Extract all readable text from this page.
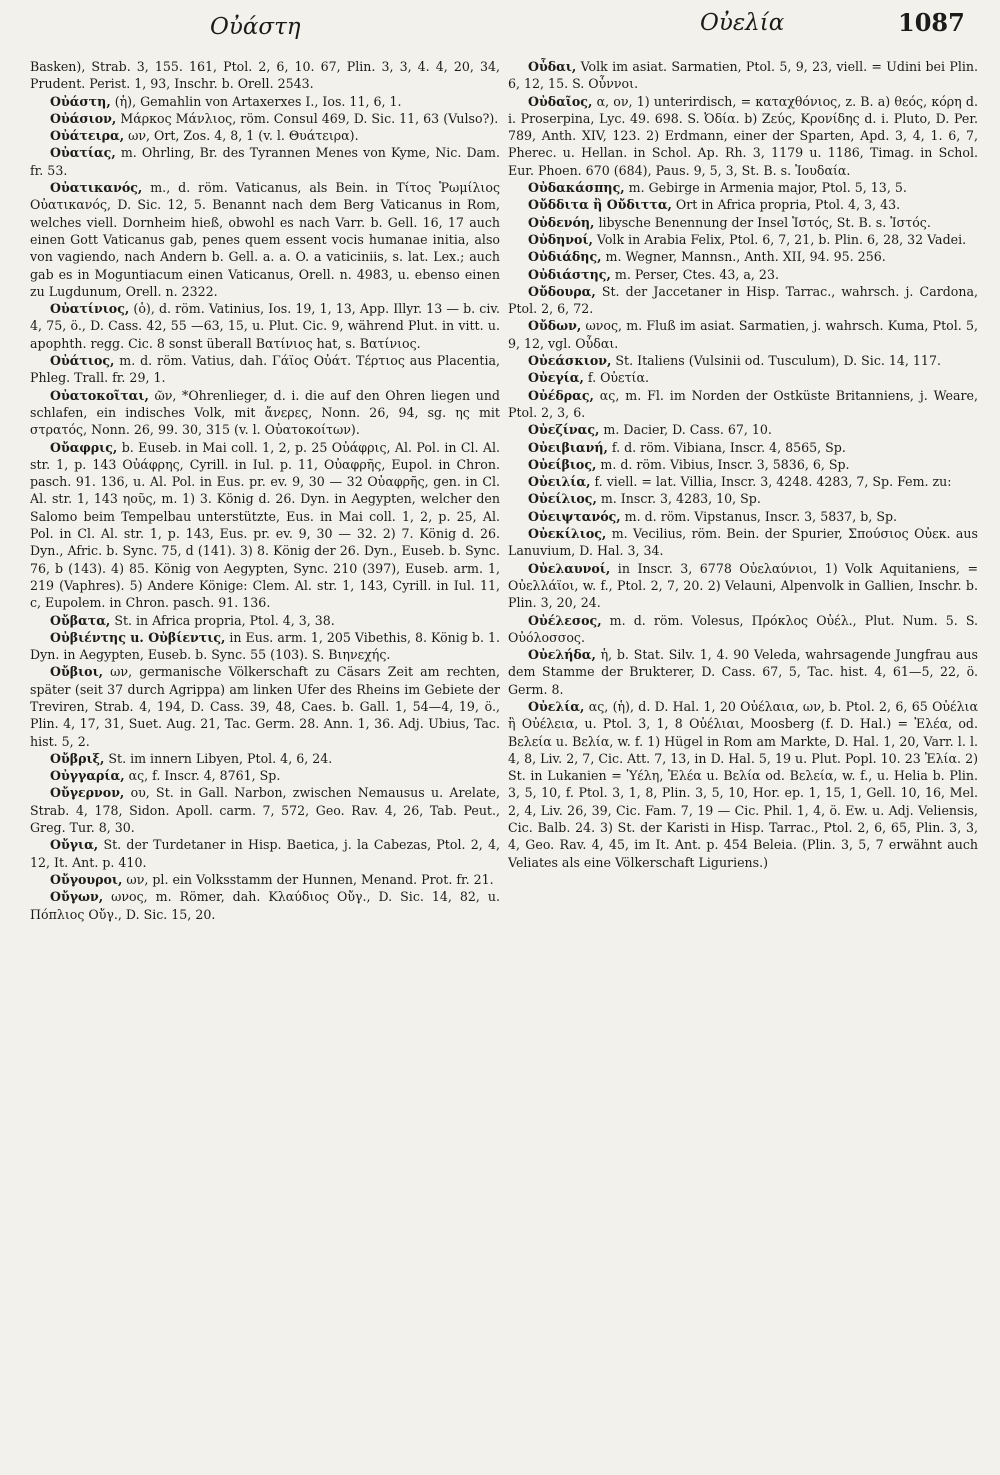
Οὐάστη	Οὐελία	1087

Basken), Strab. 3, 155. 161, Ptol. 2, 6, 10. 67, Plin. 3, 3, 4. 4, 20, 34, Prudent. Perist. 1, 93, Inschr. b. Orell. 2543.

Οὐάστη, (ἡ), Gemahlin von Artaxerxes I., Ios. 11, 6, 1.

Οὐάσιον, Μάρκος Μάνλιος, röm. Consul 469, D. Sic. 11, 63 (Vulso?).

Οὐάτειρα, ων, Ort, Zos. 4, 8, 1 (v. l. Θυάτειρα).

Οὐατίας, m. Ohrling, Br. des Tyrannen Menes von Kyme, Nic. Dam. fr. 53.

Οὐατικανός, m., d. röm. Vaticanus, als Bein. in Τίτος Ῥωμίλιος Οὐατικανός, D. Sic. 12, 5. Benannt nach dem Berg Vaticanus in Rom, welches viell. Dornheim hieß, obwohl es nach Varr. b. Gell. 16, 17 auch einen Gott Vaticanus gab, penes quem essent vocis humanae initia, also von vagiendo, nach Andern b. Gell. a. a. O. a vaticiniis, s. lat. Lex.; auch gab es in Moguntiacum einen Vaticanus, Orell. n. 4983, u. ebenso einen zu Lugdunum, Orell. n. 2322.

Οὐατίνιος, (ὁ), d. röm. Vatinius, Ios. 19, 1, 13, App. Illyr. 13 — b. civ. 4, 75, ö., D. Cass. 42, 55 —63, 15, u. Plut. Cic. 9, während Plut. in vitt. u. apophth. regg. Cic. 8 sonst überall Βατίνιος hat, s. Βατίνιος.

Οὐάτιος, m. d. röm. Vatius, dah. Γάϊος Οὐάτ. Τέρτιος aus Placentia, Phleg. Trall. fr. 29, 1.

Οὐατοκοῖται, ῶν, *Ohrenlieger, d. i. die auf den Ohren liegen und schlafen, ein indisches Volk, mit ἄνερες, Nonn. 26, 94, sg. ης mit στρατός, Nonn. 26, 99. 30, 315 (v. l. Οὐατοκοίτων).

Οὔαφρις, b. Euseb. in Mai coll. 1, 2, p. 25 Οὐάφρις, Al. Pol. in Cl. Al. str. 1, p. 143 Οὐάφρης, Cyrill. in Iul. p. 11, Οὐαφρῆς, Eupol. in Chron. pasch. 91. 136, u. Al. Pol. in Eus. pr. ev. 9, 30 — 32 Οὐαφρῆς, gen. in Cl. Al. str. 1, 143 ηοῦς, m. 1) 3. König d. 26. Dyn. in Aegypten, welcher den Salomo beim Tempelbau unterstützte, Eus. in Mai coll. 1, 2, p. 25, Al. Pol. in Cl. Al. str. 1, p. 143, Eus. pr. ev. 9, 30 — 32. 2) 7. König d. 26. Dyn., Afric. b. Sync. 75, d (141). 3) 8. König der 26. Dyn., Euseb. b. Sync. 76, b (143). 4) 85. König von Aegypten, Sync. 210 (397), Euseb. arm. 1, 219 (Vaphres). 5) Andere Könige: Clem. Al. str. 1, 143, Cyrill. in Iul. 11, c, Eupolem. in Chron. pasch. 91. 136.

Οὔβατα, St. in Africa propria, Ptol. 4, 3, 38.

Οὐβιέντης u. Οὐβίεντις, in Eus. arm. 1, 205 Vibethis, 8. König b. 1. Dyn. in Aegypten, Euseb. b. Sync. 55 (103). S. Βιηνεχής.

Οὔβιοι, ων, germanische Völkerschaft zu Cäsars Zeit am rechten, später (seit 37 durch Agrippa) am linken Ufer des Rheins im Gebiete der Treviren, Strab. 4, 194, D. Cass. 39, 48, Caes. b. Gall. 1, 54—4, 19, ö., Plin. 4, 17, 31, Suet. Aug. 21, Tac. Germ. 28. Ann. 1, 36. Adj. Ubius, Tac. hist. 5, 2.

Οὔβριξ, St. im innern Libyen, Ptol. 4, 6, 24.

Οὐγγαρία, ας, f. Inscr. 4, 8761, Sp.

Οὔγερνον, ου, St. in Gall. Narbon, zwischen Nemausus u. Arelate, Strab. 4, 178, Sidon. Apoll. carm. 7, 572, Geo. Rav. 4, 26, Tab. Peut., Greg. Tur. 8, 30.

Οὔγια, St. der Turdetaner in Hisp. Baetica, j. la Cabezas, Ptol. 2, 4, 12, It. Ant. p. 410.

Οὔγουροι, ων, pl. ein Volksstamm der Hunnen, Menand. Prot. fr. 21.

Οὔγων, ωνος, m. Römer, dah. Κλαύδιος Οὔγ., D. Sic. 14, 82, u. Πόπλιος Οὔγ., D. Sic. 15, 20.

Οὖδαι, Volk im asiat. Sarmatien, Ptol. 5, 9, 23, viell. = Udini bei Plin. 6, 12, 15. S. Οὖννοι.

Οὐδαῖος, α, ον, 1) unterirdisch, = καταχθόνιος, z. B. a) θεός, κόρη d. i. Proserpina, Lyc. 49. 698. S. Ὀδία. b) Ζεύς, Κρονίδης d. i. Pluto, D. Per. 789, Anth. XIV, 123. 2) Erdmann, einer der Sparten, Apd. 3, 4, 1. 6, 7, Pherec. u. Hellan. in Schol. Ap. Rh. 3, 1179 u. 1186, Timag. in Schol. Eur. Phoen. 670 (684), Paus. 9, 5, 3, St. B. s. Ἰουδαία.

Οὐδακάσπης, m. Gebirge in Armenia major, Ptol. 5, 13, 5.

Οὔδδιτα ἢ Οὔδιττα, Ort in Africa propria, Ptol. 4, 3, 43.

Οὐδενόη, libysche Benennung der Insel Ἱστός, St. B. s. Ἱστός.

Οὐδηνοί, Volk in Arabia Felix, Ptol. 6, 7, 21, b. Plin. 6, 28, 32 Vadei.

Οὐδιάδης, m. Wegner, Mannsn., Anth. XII, 94. 95. 256.

Οὐδιάστης, m. Perser, Ctes. 43, a, 23.

Οὔδουρα, St. der Jaccetaner in Hisp. Tarrac., wahrsch. j. Cardona, Ptol. 2, 6, 72.

Οὔδων, ωνος, m. Fluß im asiat. Sarmatien, j. wahrsch. Kuma, Ptol. 5, 9, 12, vgl. Οὖδαι.

Οὐεάσκιον, St. Italiens (Vulsinii od. Tusculum), D. Sic. 14, 117.

Οὐεγία, f. Οὐετία.

Οὐέδρας, ας, m. Fl. im Norden der Ostküste Britanniens, j. Weare, Ptol. 2, 3, 6.

Οὐεζίνας, m. Dacier, D. Cass. 67, 10.

Οὐειβιανή, f. d. röm. Vibiana, Inscr. 4, 8565, Sp.

Οὐείβιος, m. d. röm. Vibius, Inscr. 3, 5836, 6, Sp.

Οὐειλία, f. viell. = lat. Villia, Inscr. 3, 4248. 4283, 7, Sp. Fem. zu:

Οὐείλιος, m. Inscr. 3, 4283, 10, Sp.

Οὐειψτανός, m. d. röm. Vipstanus, Inscr. 3, 5837, b, Sp.

Οὐεκίλιος, m. Vecilius, röm. Bein. der Spurier, Σπούσιος Οὐεκ. aus Lanuvium, D. Hal. 3, 34.

Οὐελαυνοί, in Inscr. 3, 6778 Οὐελαύνιοι, 1) Volk Aquitaniens, = Οὐελλάϊοι, w. f., Ptol. 2, 7, 20. 2) Velauni, Alpenvolk in Gallien, Inschr. b. Plin. 3, 20, 24.

Οὐέλεσος, m. d. röm. Volesus, Πρόκλος Οὐέλ., Plut. Num. 5. S. Οὐόλοσσος.

Οὐελήδα, ἡ, b. Stat. Silv. 1, 4. 90 Veleda, wahrsagende Jungfrau aus dem Stamme der Brukterer, D. Cass. 67, 5, Tac. hist. 4, 61—5, 22, ö. Germ. 8.

Οὐελία, ας, (ἡ), d. D. Hal. 1, 20 Οὐέλαια, ων, b. Ptol. 2, 6, 65 Οὐέλια ἢ Οὐέλεια, u. Ptol. 3, 1, 8 Οὐέλιαι, Moosberg (f. D. Hal.) = Ἐλέα, od. Βελεία u. Βελία, w. f. 1) Hügel in Rom am Markte, D. Hal. 1, 20, Varr. l. l. 4, 8, Liv. 2, 7, Cic. Att. 7, 13, in D. Hal. 5, 19 u. Plut. Popl. 10. 23 Ἐλία. 2) St. in Lukanien = Ὑέλη, Ἐλέα u. Βελία od. Βελεία, w. f., u. Helia b. Plin. 3, 5, 10, f. Ptol. 3, 1, 8, Plin. 3, 5, 10, Hor. ep. 1, 15, 1, Gell. 10, 16, Mel. 2, 4, Liv. 26, 39, Cic. Fam. 7, 19 — Cic. Phil. 1, 4, ö. Ew. u. Adj. Veliensis, Cic. Balb. 24. 3) St. der Karisti in Hisp. Tarrac., Ptol. 2, 6, 65, Plin. 3, 3, 4, Geo. Rav. 4, 45, im It. Ant. p. 454 Beleia. (Plin. 3, 5, 7 erwähnt auch Veliates als eine Völkerschaft Liguriens.)
